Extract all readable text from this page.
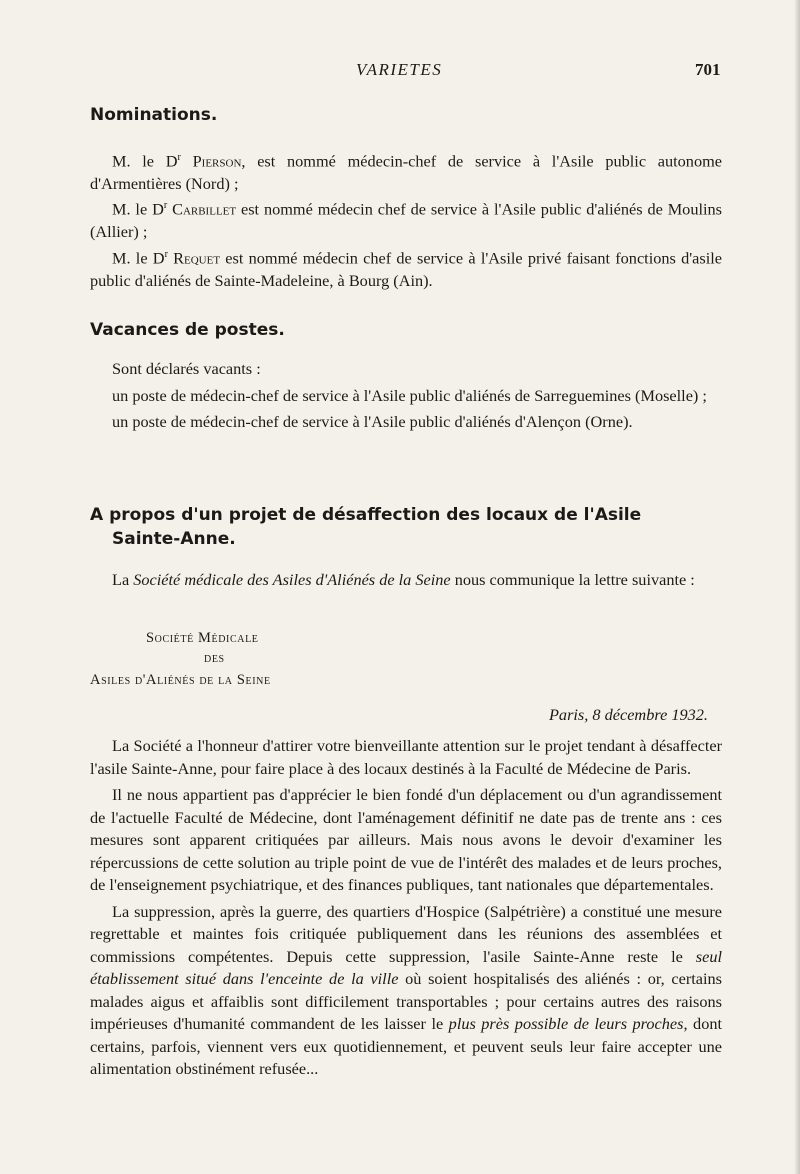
VARIETES	701
Nominations.

M. le $D^r$ Pierson, est nommé médecin-chef de service à l'Asile public autonome d'Armentières (Nord) ;

M. le $D^r$ Carbillet est nommé médecin chef de service à l'Asile public d'aliénés de Moulins (Allier) ;

M. le $D^r$ Requet est nommé médecin chef de service à l'Asile privé faisant fonctions d'asile public d'aliénés de Sainte-Madeleine, à Bourg (Ain).

Vacances de postes.

Sont déclarés vacants :

un poste de médecin-chef de service à l'Asile public d'aliénés de Sarreguemines (Moselle) ;

un poste de médecin-chef de service à l'Asile public d'aliénés d'Alençon (Orne).

A propos d'un projet de désaffection des locaux de l'Asile
Sainte-Anne.

La Société médicale des Asiles d'Aliénés de la Seine nous communique la lettre suivante :

Société Médicale
des
Asiles d'Aliénés de la Seine
Paris, 8 décembre 1932.

La Société a l'honneur d'attirer votre bienveillante attention sur le projet tendant à désaffecter l'asile Sainte-Anne, pour faire place à des locaux destinés à la Faculté de Médecine de Paris.

Il ne nous appartient pas d'apprécier le bien fondé d'un déplacement ou d'un agrandissement de l'actuelle Faculté de Médecine, dont l'aménagement définitif ne date pas de trente ans : ces mesures sont apparent critiquées par ailleurs. Mais nous avons le devoir d'examiner les répercussions de cette solution au triple point de vue de l'intérêt des malades et de leurs proches, de l'enseignement psychiatrique, et des finances publiques, tant nationales que départementales.

La suppression, après la guerre, des quartiers d'Hospice (Salpétrière) a constitué une mesure regrettable et maintes fois critiquée publiquement dans les réunions des assemblées et commissions compétentes. Depuis cette suppression, l'asile Sainte-Anne reste le seul établissement situé dans l'enceinte de la ville où soient hospitalisés des aliénés : or, certains malades aigus et affaiblis sont difficilement transportables ; pour certains autres des raisons impérieuses d'humanité commandent de les laisser le plus près possible de leurs proches, dont certains, parfois, viennent vers eux quotidiennement, et peuvent seuls leur faire accepter une alimentation obstinément refusée...
